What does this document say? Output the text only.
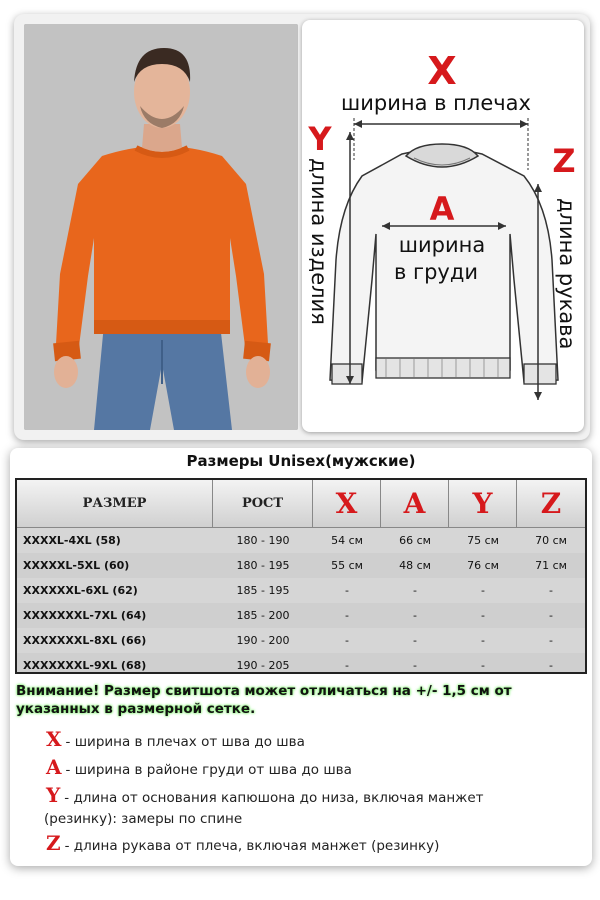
X
ширина в плечах
Y
длина изделия	Z
длина рукава
A
ширина
в груди
Размеры Unisex(мужские)
РАЗМЕР	РОСТ X A Y Z
XXXXL-4XL (58)	180 - 190	54 см	66 см	75 см	70 см
XXXXXL-5XL (60)	180 - 195	55 см	48 см	76 см	71 см
XXXXXXL-6XL (62)	185 - 195	-	-	-	-
XXXXXXXL-7XL (64)	185 - 200	-	-	-	-
XXXXXXXL-8XL (66)	190 - 200	-	-	-	-
XXXXXXXL-9XL (68)	190 - 205	-	-	-	-
Внимание! Размер свитшота может отличаться на +/- 1,5 см от указанных в размерной сетке.
X - ширина в плечах от шва до шва
A - ширина в районе груди от шва до шва
Y - длина от основания капюшона до низа, включая манжет
(резинку): замеры по спине
Z - длина рукава от плеча, включая манжет (резинку)
